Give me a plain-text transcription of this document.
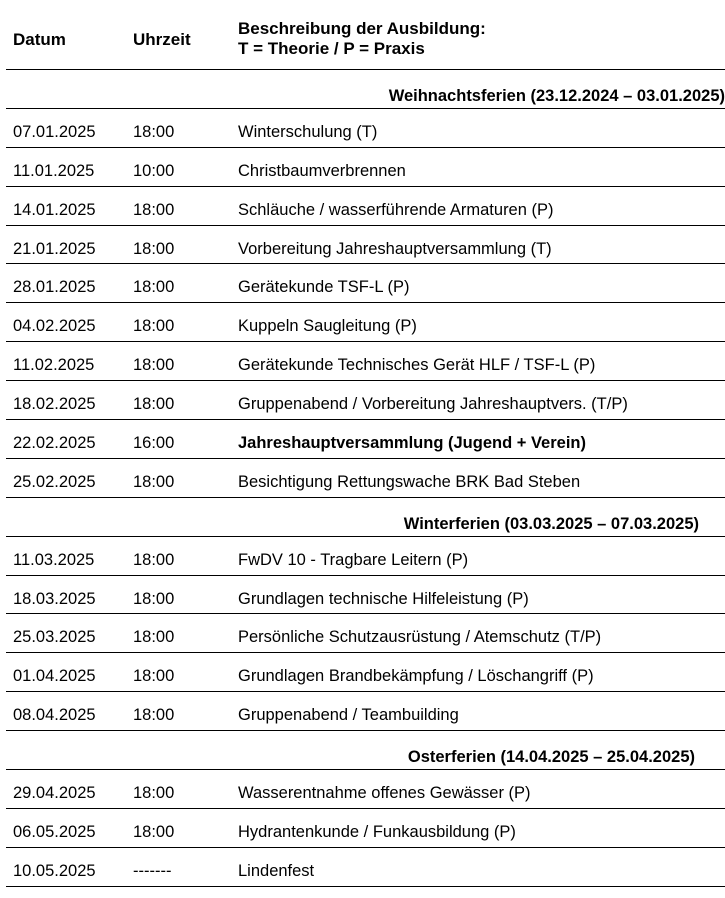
Datum	Uhrzeit
Beschreibung der Ausbildung:
T = Theorie / P = Praxis
Weihnachtsferien (23.12.2024 – 03.01.2025)
07.01.2025 18:00	Winterschulung (T)
11.01.2025 10:00	Christbaumverbrennen
14.01.2025 18:00	Schläuche / wasserführende Armaturen (P)
21.01.2025 18:00	Vorbereitung Jahreshauptversammlung (T)
28.01.2025 18:00	Gerätekunde TSF-L (P)
04.02.2025 18:00	Kuppeln Saugleitung (P)
11.02.2025 18:00	Gerätekunde Technisches Gerät HLF / TSF-L (P)
18.02.2025 18:00	Gruppenabend / Vorbereitung Jahreshauptvers. (T/P)
22.02.2025 16:00	Jahreshauptversammlung (Jugend + Verein)
25.02.2025 18:00	Besichtigung Rettungswache BRK Bad Steben
Winterferien (03.03.2025 – 07.03.2025)
11.03.2025 18:00	FwDV 10 - Tragbare Leitern (P)
18.03.2025 18:00	Grundlagen technische Hilfeleistung (P)
25.03.2025 18:00	Persönliche Schutzausrüstung / Atemschutz (T/P)
01.04.2025 18:00	Grundlagen Brandbekämpfung / Löschangriff (P)
08.04.2025 18:00	Gruppenabend / Teambuilding
Osterferien (14.04.2025 – 25.04.2025)
29.04.2025 18:00	Wasserentnahme offenes Gewässer (P)
06.05.2025 18:00	Hydrantenkunde / Funkausbildung (P)
10.05.2025 -------	Lindenfest
